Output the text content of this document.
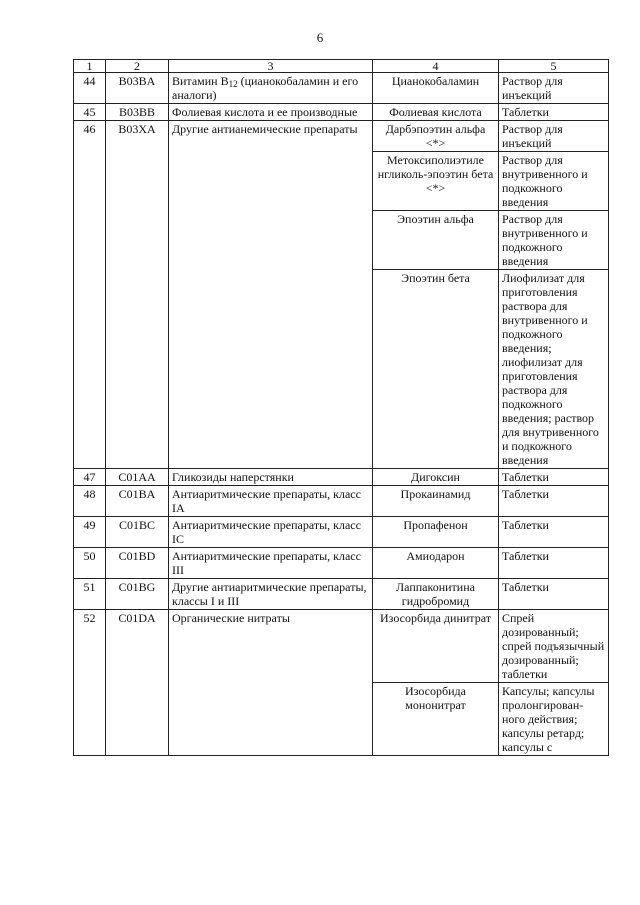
6
1	2	3	4	5
44	B03BA	Витамин $B_{12}$ (цианокобаламин и его аналоги)	Цианокобаламин	Раствор для инъекций
45	B03BB	Фолиевая кислота и ее производные	Фолиевая кислота	Таблетки
46	B03XA	Другие антианемические препараты	Дарбэпоэтин альфа <*>	Раствор для инъекций
			Метоксиполиэтиле нгликоль-эпоэтин бета <*>	Раствор для внутривенного и подкожного введения
			Эпоэтин альфа	Раствор для внутривенного и подкожного введения
			Эпоэтин бета	Лиофилизат для приготовления раствора для внутривенного и подкожного введения; лиофилизат для приготовления раствора для подкожного введения; раствор для внутривенного и подкожного введения
47	C01AA	Гликозиды наперстянки	Дигоксин	Таблетки
48	C01BA	Антиаритмические препараты, класс IA	Прокаинамид	Таблетки
49	C01BC	Антиаритмические препараты, класс IC	Пропафенон	Таблетки
50	C01BD	Антиаритмические препараты, класс III	Амиодарон	Таблетки
51	C01BG	Другие антиаритмические препараты, классы I и III	Лаппаконитина гидробромид	Таблетки
52	C01DA	Органические нитраты	Изосорбида динитрат	Спрей дозированный; спрей подъязычный дозированный; таблетки
			Изосорбида мононитрат	Капсулы; капсулы пролонгирован-ного действия; капсулы ретард; капсулы с
